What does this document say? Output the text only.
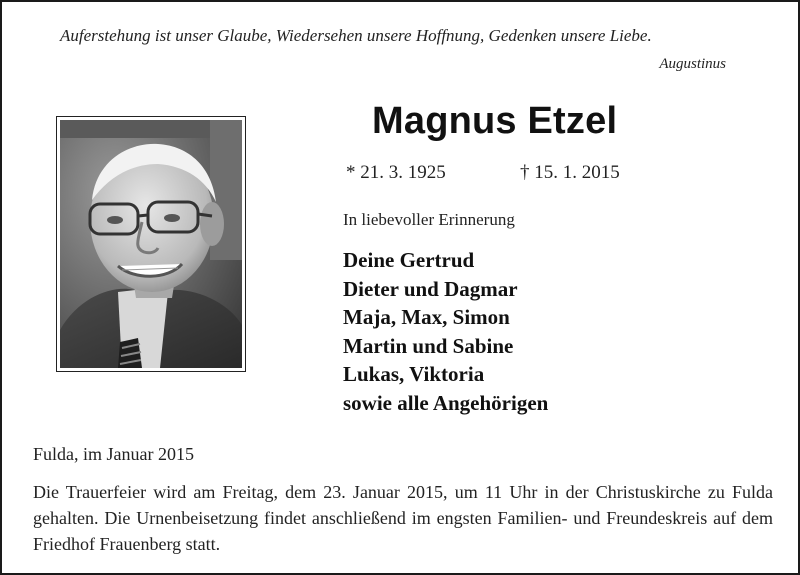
Auferstehung ist unser Glaube, Wiedersehen unsere Hoffnung, Gedenken unsere Liebe.
Augustinus
Magnus Etzel
* 21. 3. 1925	† 15. 1. 2015
In liebevoller Erinnerung
Deine Gertrud
Dieter und Dagmar
Maja, Max, Simon
Martin und Sabine
Lukas, Viktoria
sowie alle Angehörigen
Fulda, im Januar 2015

Die Trauerfeier wird am Freitag, dem 23. Januar 2015, um 11 Uhr in der Christuskirche zu Fulda gehalten. Die Urnenbeisetzung findet anschließend im engsten Familien- und Freundeskreis auf dem Friedhof Frauenberg statt.
